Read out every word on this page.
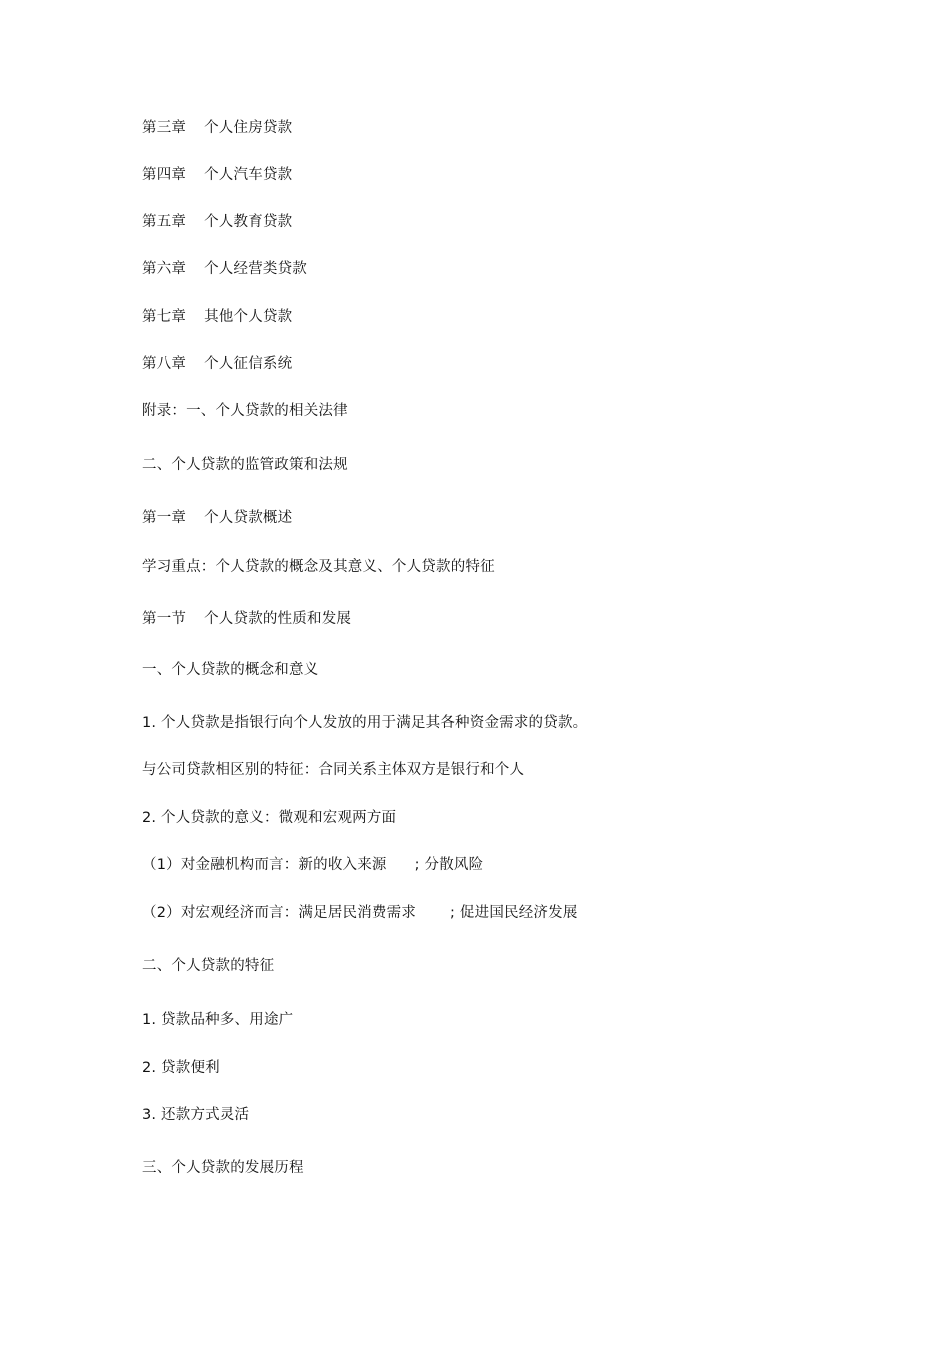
第三章 个人住房贷款
第四章 个人汽车贷款
第五章 个人教育贷款
第六章 个人经营类贷款
第七章 其他个人贷款
第八章 个人征信系统
附录：一、个人贷款的相关法律
二、个人贷款的监管政策和法规
第一章 个人贷款概述
学习重点：个人贷款的概念及其意义、个人贷款的特征
第一节 个人贷款的性质和发展
一、个人贷款的概念和意义
1. 个人贷款是指银行向个人发放的用于满足其各种资金需求的贷款。
与公司贷款相区别的特征：合同关系主体双方是银行和个人
2. 个人贷款的意义：微观和宏观两方面
（1）对金融机构而言：新的收入来源 ; 分散风险
（2）对宏观经济而言：满足居民消费需求 ; 促进国民经济发展
二、个人贷款的特征
1. 贷款品种多、用途广
2. 贷款便利
3. 还款方式灵活
三、个人贷款的发展历程
